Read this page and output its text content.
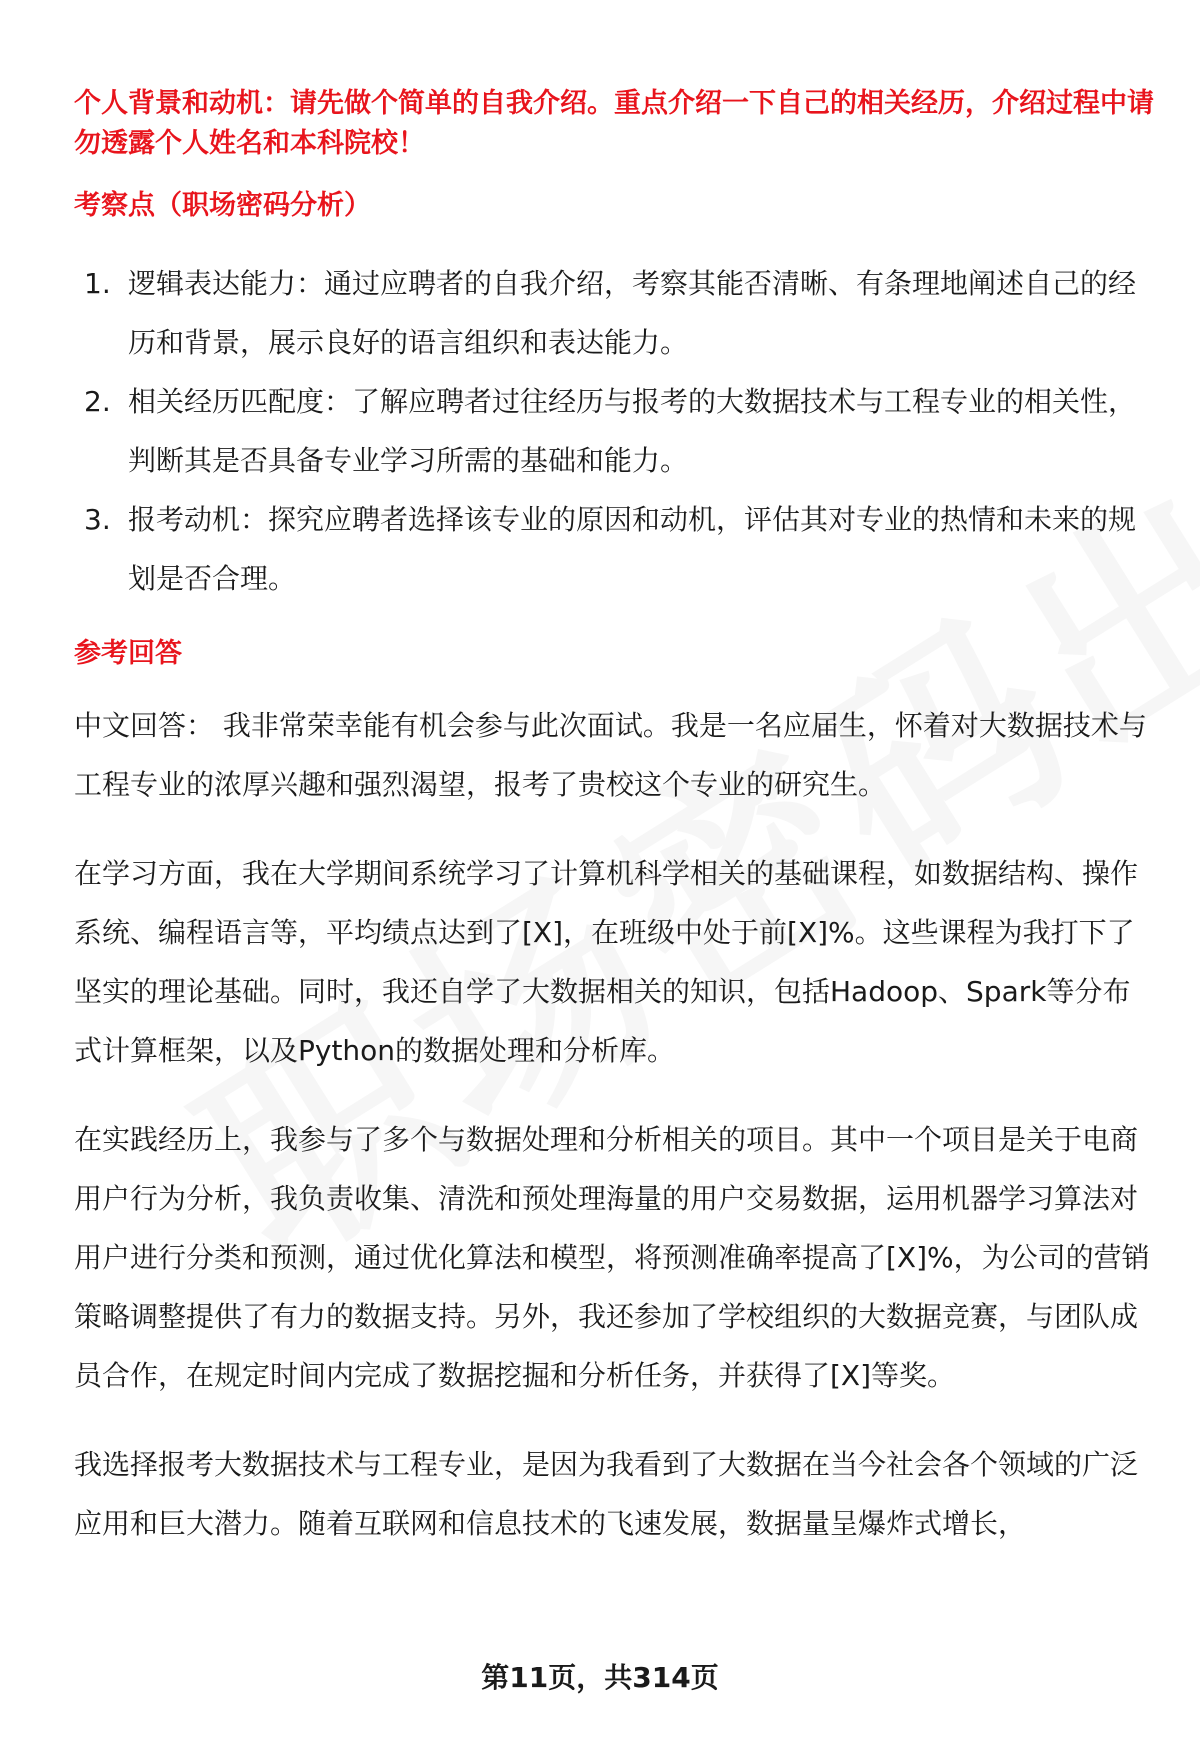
个人背景和动机：请先做个简单的自我介绍。重点介绍一下自己的相关经历，介绍过程中请勿透露个人姓名和本科院校！

考察点（职场密码分析）

1. 逻辑表达能力：通过应聘者的自我介绍，考察其能否清晰、有条理地阐述自己的经历和背景，展示良好的语言组织和表达能力。
2. 相关经历匹配度：了解应聘者过往经历与报考的大数据技术与工程专业的相关性，判断其是否具备专业学习所需的基础和能力。
3. 报考动机：探究应聘者选择该专业的原因和动机，评估其对专业的热情和未来的规划是否合理。

参考回答

中文回答： 我非常荣幸能有机会参与此次面试。我是一名应届生，怀着对大数据技术与工程专业的浓厚兴趣和强烈渴望，报考了贵校这个专业的研究生。

在学习方面，我在大学期间系统学习了计算机科学相关的基础课程，如数据结构、操作系统、编程语言等，平均绩点达到了[X]，在班级中处于前[X]%。这些课程为我打下了坚实的理论基础。同时，我还自学了大数据相关的知识，包括Hadoop、Spark等分布式计算框架，以及Python的数据处理和分析库。

在实践经历上，我参与了多个与数据处理和分析相关的项目。其中一个项目是关于电商用户行为分析，我负责收集、清洗和预处理海量的用户交易数据，运用机器学习算法对用户进行分类和预测，通过优化算法和模型，将预测准确率提高了[X]%，为公司的营销策略调整提供了有力的数据支持。另外，我还参加了学校组织的大数据竞赛，与团队成员合作，在规定时间内完成了数据挖掘和分析任务，并获得了[X]等奖。

我选择报考大数据技术与工程专业，是因为我看到了大数据在当今社会各个领域的广泛应用和巨大潜力。随着互联网和信息技术的飞速发展，数据量呈爆炸式增长，

第11页，共314页
